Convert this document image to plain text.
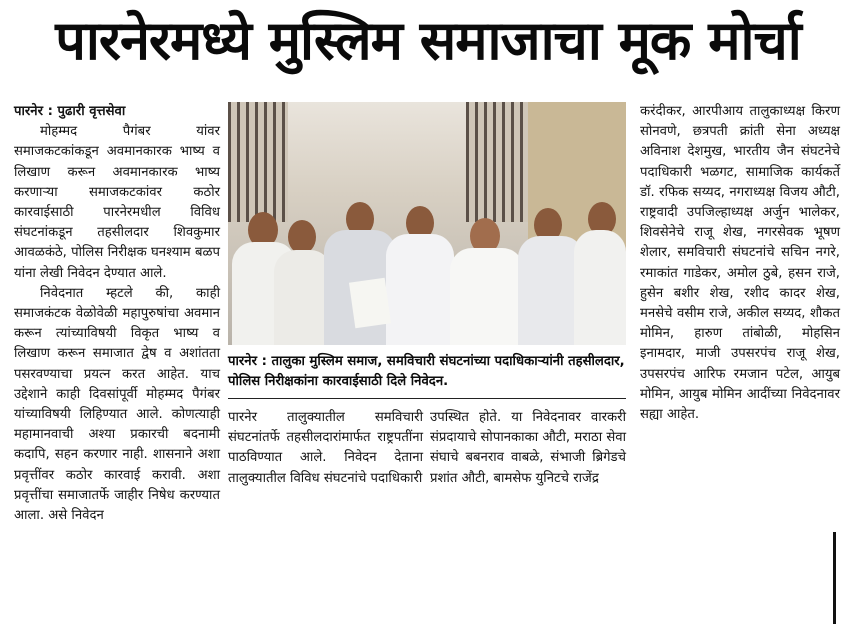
पारनेरमध्ये मुस्लिम समाजाचा मूक मोर्चा

पारनेर : पुढारी वृत्तसेवा

मोहम्मद पैगंबर यांवर समाजकटकांकडून अवमानकारक भाष्य व लिखाण करून अवमानकारक भाष्य करणाऱ्या समाजकटकांवर कठोर कारवाईसाठी पारनेरमधील विविध संघटनांकडून तहसीलदार शिवकुमार आवळकंठे, पोलिस निरीक्षक घनश्याम बळप यांना लेखी निवेदन देण्यात आले.

निवेदनात म्हटले की, काही समाजकंटक वेळोवेळी महापुरुषांचा अवमान करून त्यांच्याविषयी विकृत भाष्य व लिखाण करून समाजात द्वेष व अशांतता पसरवण्याचा प्रयत्न करत आहेत. याच उद्देशाने काही दिवसांपूर्वी मोहम्मद पैगंबर यांच्याविषयी लिहिण्यात आले. कोणत्याही महामानवाची अश्या प्रकारची बदनामी कदापि, सहन करणार नाही. शासनाने अशा प्रवृत्तींवर कठोर कारवाई करावी. अशा प्रवृत्तींचा समाजातर्फे जाहीर निषेध करण्यात आला. असे निवेदन

पारनेर : तालुका मुस्लिम समाज, समविचारी संघटनांच्या पदाधिकाऱ्यांनी तहसीलदार, पोलिस निरीक्षकांना कारवाईसाठी दिले निवेदन.

पारनेर तालुक्यातील समविचारी संघटनांतर्फे तहसीलदारांमार्फत राष्ट्रपतींना पाठविण्यात आले. निवेदन देताना तालुक्यातील विविध संघटनांचे पदाधिकारी

उपस्थित होते. या निवेदनावर वारकरी संप्रदायाचे सोपानकाका औटी, मराठा सेवा संघाचे बबनराव वाबळे, संभाजी ब्रिगेडचे प्रशांत औटी, बामसेफ युनिटचे राजेंद्र

करंदीकर, आरपीआय तालुकाध्यक्ष किरण सोनवणे, छत्रपती क्रांती सेना अध्यक्ष अविनाश देशमुख, भारतीय जैन संघटनेचे पदाधिकारी भळगट, सामाजिक कार्यकर्ते डॉ. रफिक सय्यद, नगराध्यक्ष विजय औटी, राष्ट्रवादी उपजिल्हाध्यक्ष अर्जुन भालेकर, शिवसेनेचे राजू शेख, नगरसेवक भूषण शेलार, समविचारी संघटनांचे सचिन नगरे, रमाकांत गाडेकर, अमोल ठुबे, हसन राजे, हुसेन बशीर शेख, रशीद कादर शेख, मनसेचे वसीम राजे, अकील सय्यद, शौकत मोमिन, हारुण तांबोळी, मोहसिन इनामदार, माजी उपसरपंच राजू शेख, उपसरपंच आरिफ रमजान पटेल, आयुब मोमिन, आयुब मोमिन आदींच्या निवेदनावर सह्या आहेत.
